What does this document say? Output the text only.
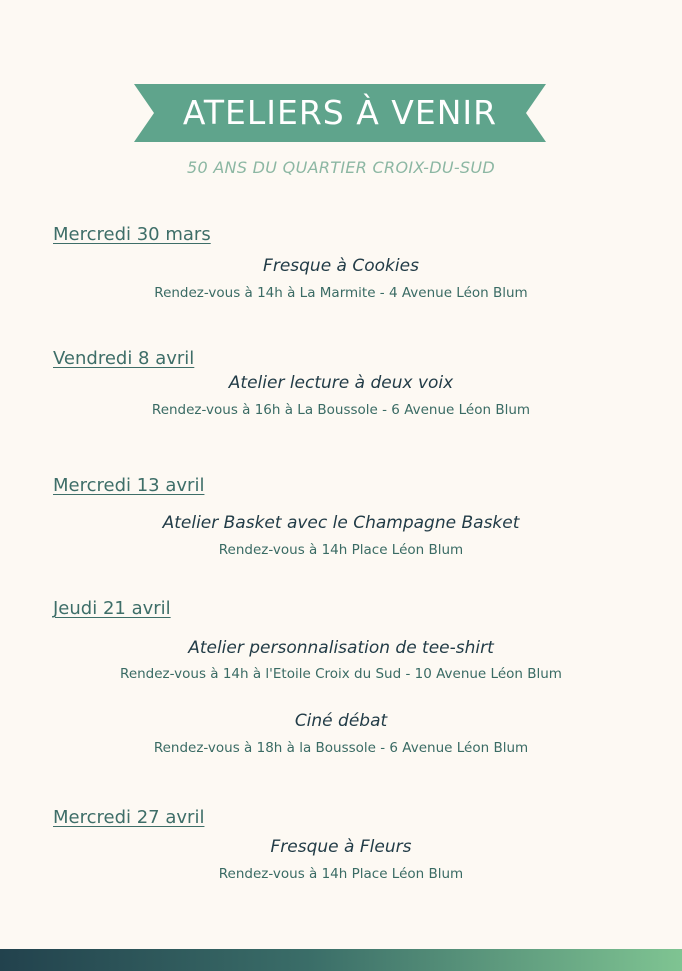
ATELIERS À VENIR
50 ANS DU QUARTIER CROIX-DU-SUD
Mercredi 30 mars
Fresque à Cookies
Rendez-vous à 14h à La Marmite - 4 Avenue Léon Blum
Vendredi 8 avril
Atelier lecture à deux voix
Rendez-vous à 16h à La Boussole - 6 Avenue Léon Blum
Mercredi 13 avril
Atelier Basket avec le Champagne Basket
Rendez-vous à 14h Place Léon Blum
Jeudi 21 avril
Atelier personnalisation de tee-shirt
Rendez-vous à 14h à l'Etoile Croix du Sud - 10 Avenue Léon Blum
Ciné débat
Rendez-vous à 18h à la Boussole - 6 Avenue Léon Blum
Mercredi 27 avril
Fresque à Fleurs
Rendez-vous à 14h Place Léon Blum
